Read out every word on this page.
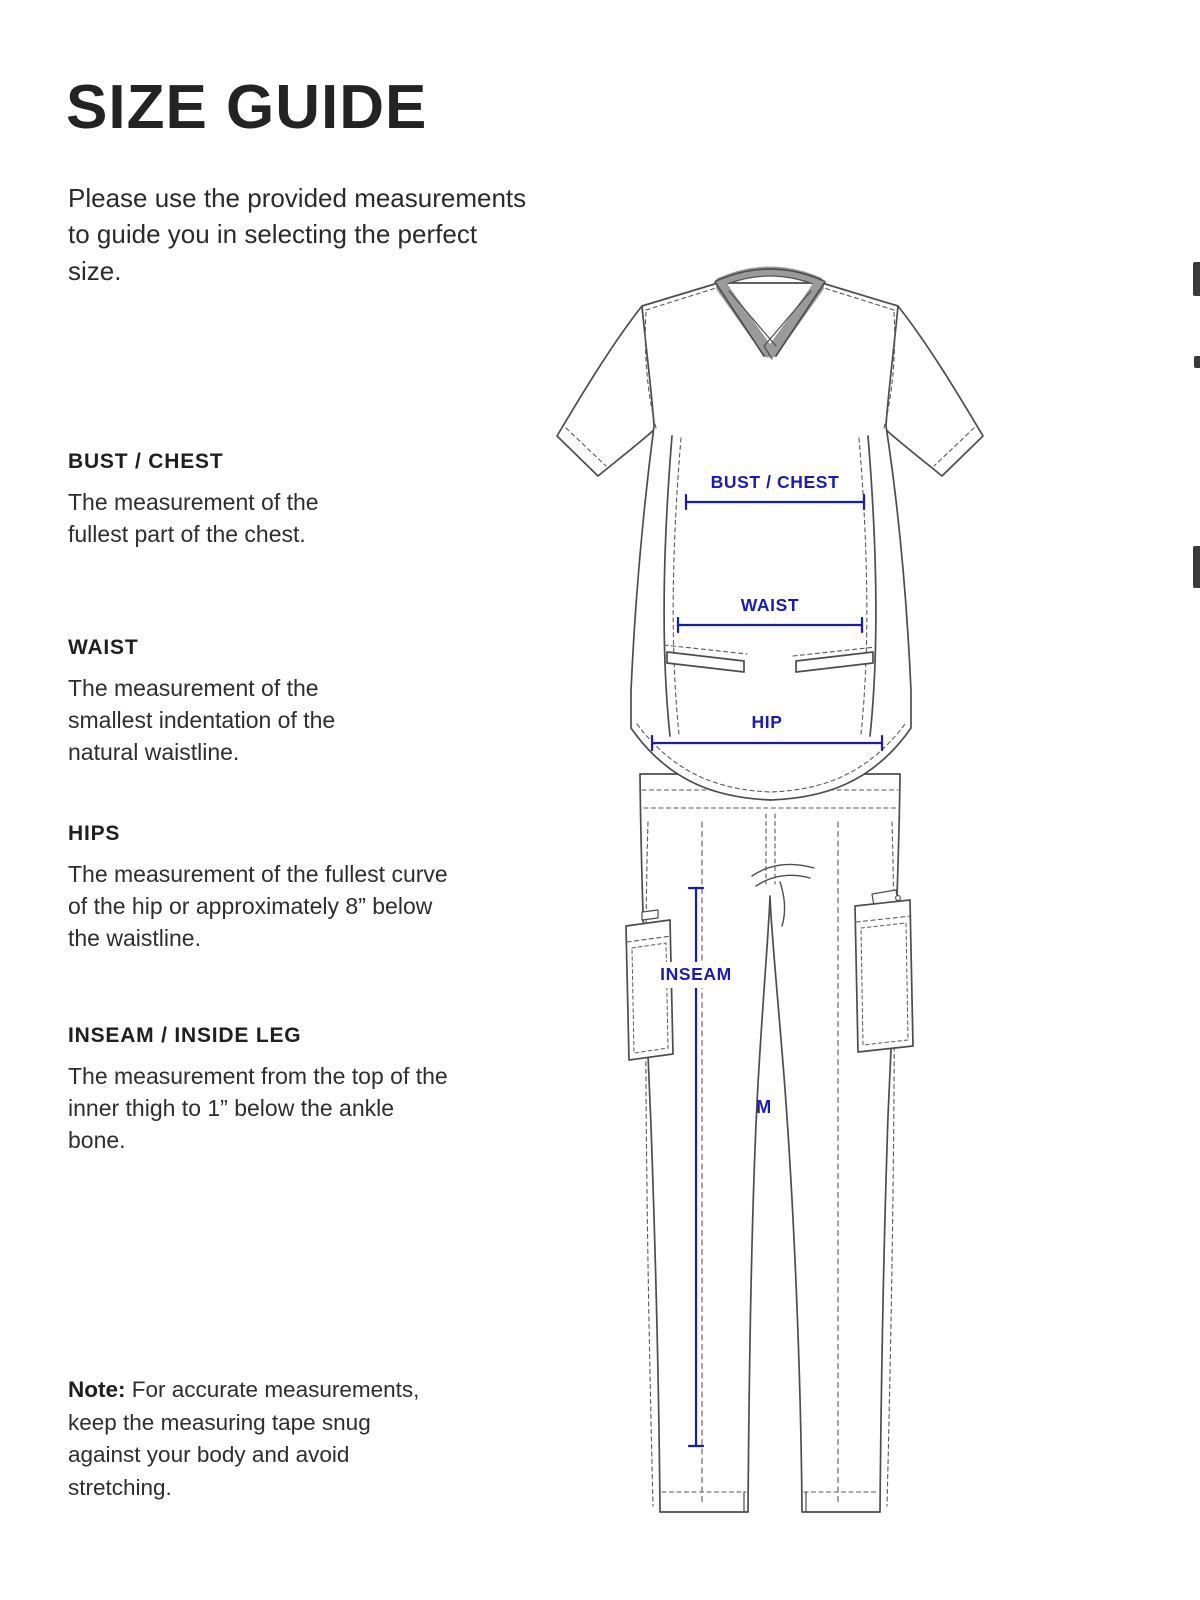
SIZE GUIDE

Please use the provided measurements to guide you in selecting the perfect size.

BUST / CHEST
The measurement of the fullest part of the chest.
WAIST
The measurement of the smallest indentation of the natural waistline.
HIPS
The measurement of the fullest curve of the hip or approximately 8” below the waistline.
INSEAM / INSIDE LEG
The measurement from the top of the inner thigh to 1” below the ankle bone.

Note: For accurate measurements, keep the measuring tape snug against your body and avoid stretching.

BUST / CHEST
WAIST
HIP
INSEAM
M
